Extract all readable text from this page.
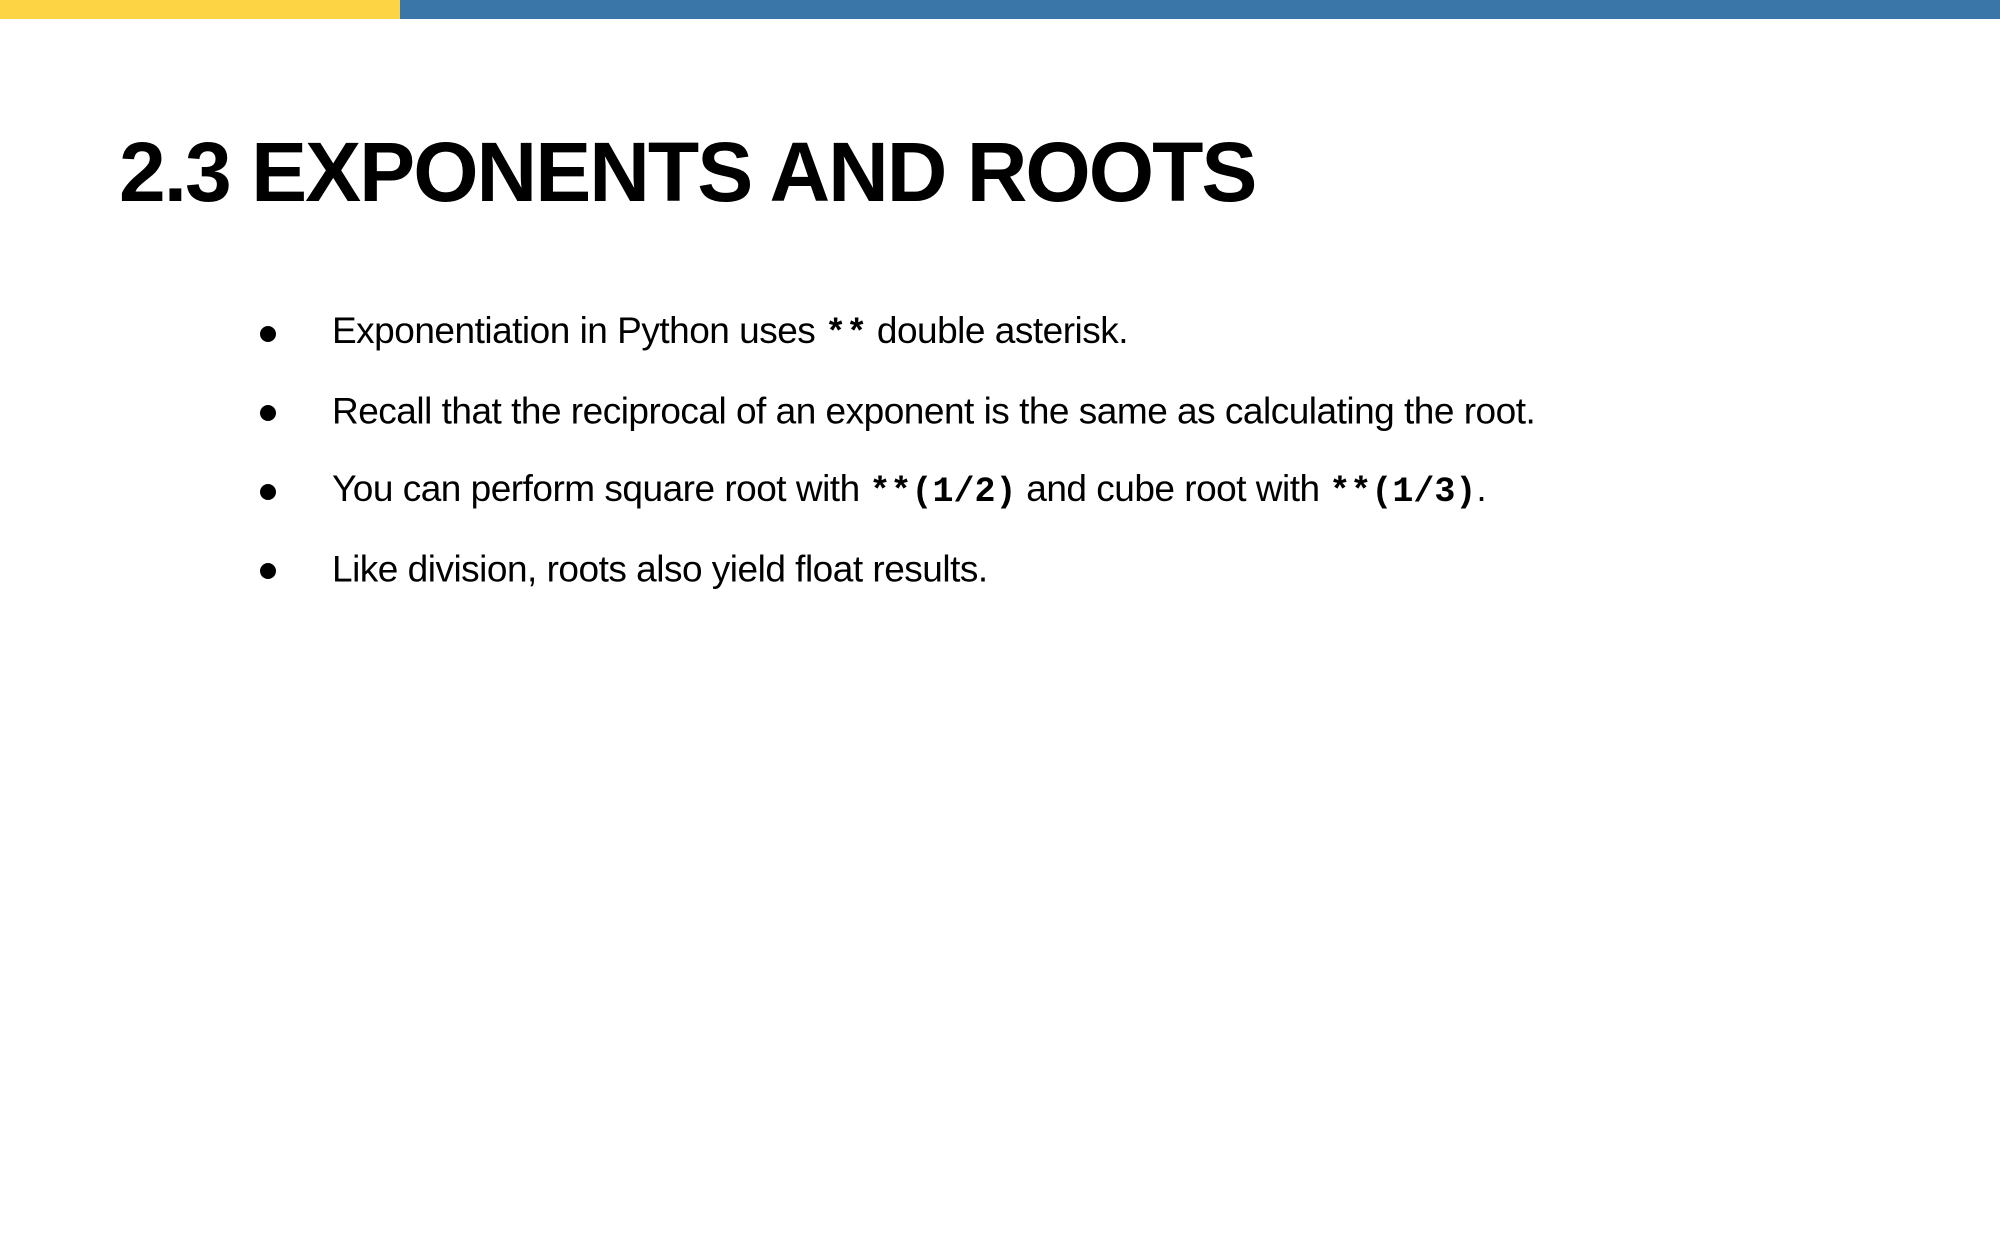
2.3 EXPONENTS AND ROOTS
Exponentiation in Python uses ** double asterisk.
Recall that the reciprocal of an exponent is the same as calculating the root.
You can perform square root with **(1/2) and cube root with **(1/3).
Like division, roots also yield float results.
